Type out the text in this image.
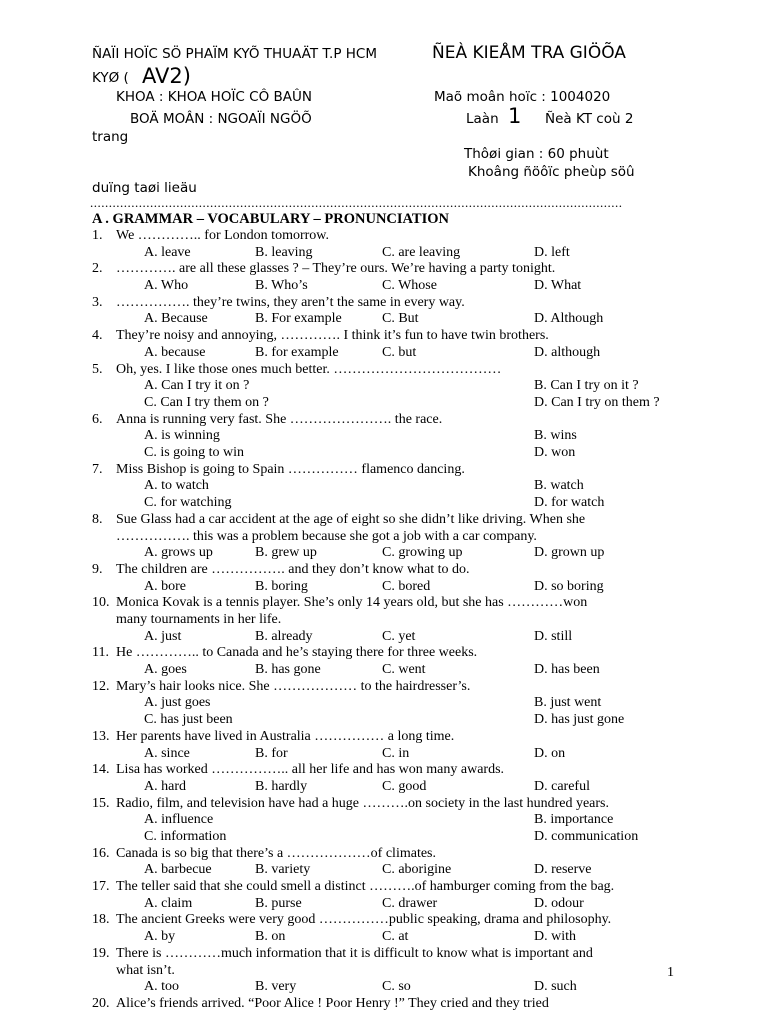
ÑAÏI HOÏC SÖ PHAÏM KYÕ THUAÄT T.P HCM	ÑEÀ KIEÅM TRA GIÖÕA
KYØ ( AV2)
KHOA : KHOA HOÏC CÔ BAÛN	Maõ moân hoïc : 1004020
BOÄ MOÂN : NGOAÏI NGÖÕ	Laàn 1 Ñeà KT coù 2
trang
Thôøi gian : 60 phuùt
Khoâng ñöôïc pheùp söû
duïng taøi lieäu
..............................................................................................................................................
A . GRAMMAR – VOCABULARY – PRONUNCIATION
1. We ………….. for London tomorrow.
A. leave	B. leaving	C. are leaving	D. left
2. …………. are all these glasses ? – They’re ours. We’re having a party tonight.
A. Who	B. Who’s	C. Whose	D. What
3. ……………. they’re twins, they aren’t the same in every way.
A. Because	B. For example	C. But	D. Although
4. They’re noisy and annoying, …………. I think it’s fun to have twin brothers.
A. because	B. for example	C. but	D. although
5. Oh, yes. I like those ones much better. ………………………………
A. Can I try it on ?	B. Can I try on it ?
C. Can I try them on ?	D. Can I try on them ?
6. Anna is running very fast. She …………………. the race.
A. is winning	B. wins
C. is going to win	D. won
7. Miss Bishop is going to Spain …………… flamenco dancing.
A. to watch	B. watch
C. for watching	D. for watch
8. Sue Glass had a car accident at the age of eight so she didn’t like driving. When she
……………. this was a problem because she got a job with a car company.
A. grows up	B. grew up	C. growing up	D. grown up
9. The children are ……………. and they don’t know what to do.
A. bore	B. boring	C. bored	D. so boring
10. Monica Kovak is a tennis player. She’s only 14 years old, but she has …………won
many tournaments in her life.
A. just	B. already	C. yet	D. still
11. He ………….. to Canada and he’s staying there for three weeks.
A. goes	B. has gone	C. went	D. has been
12. Mary’s hair looks nice. She ……………… to the hairdresser’s.
A. just goes	B. just went
C. has just been	D. has just gone
13. Her parents have lived in Australia …………… a long time.
A. since	B. for	C. in	D. on
14. Lisa has worked …………….. all her life and has won many awards.
A. hard	B. hardly	C. good	D. careful
15. Radio, film, and television have had a huge ……….on society in the last hundred years.
A. influence	B. importance
C. information	D. communication
16. Canada is so big that there’s a ………………of climates.
A. barbecue	B. variety	C. aborigine	D. reserve
17. The teller said that she could smell a distinct ……….of hamburger coming from the bag.
A. claim	B. purse	C. drawer	D. odour
18. The ancient Greeks were very good ……………public speaking, drama and philosophy.
A. by	B. on	C. at	D. with
19. There is …………much information that it is difficult to know what is important and
what isn’t.
A. too	B. very	C. so	D. such
20. Alice’s friends arrived. “Poor Alice ! Poor Henry !” They cried and they tried
1
